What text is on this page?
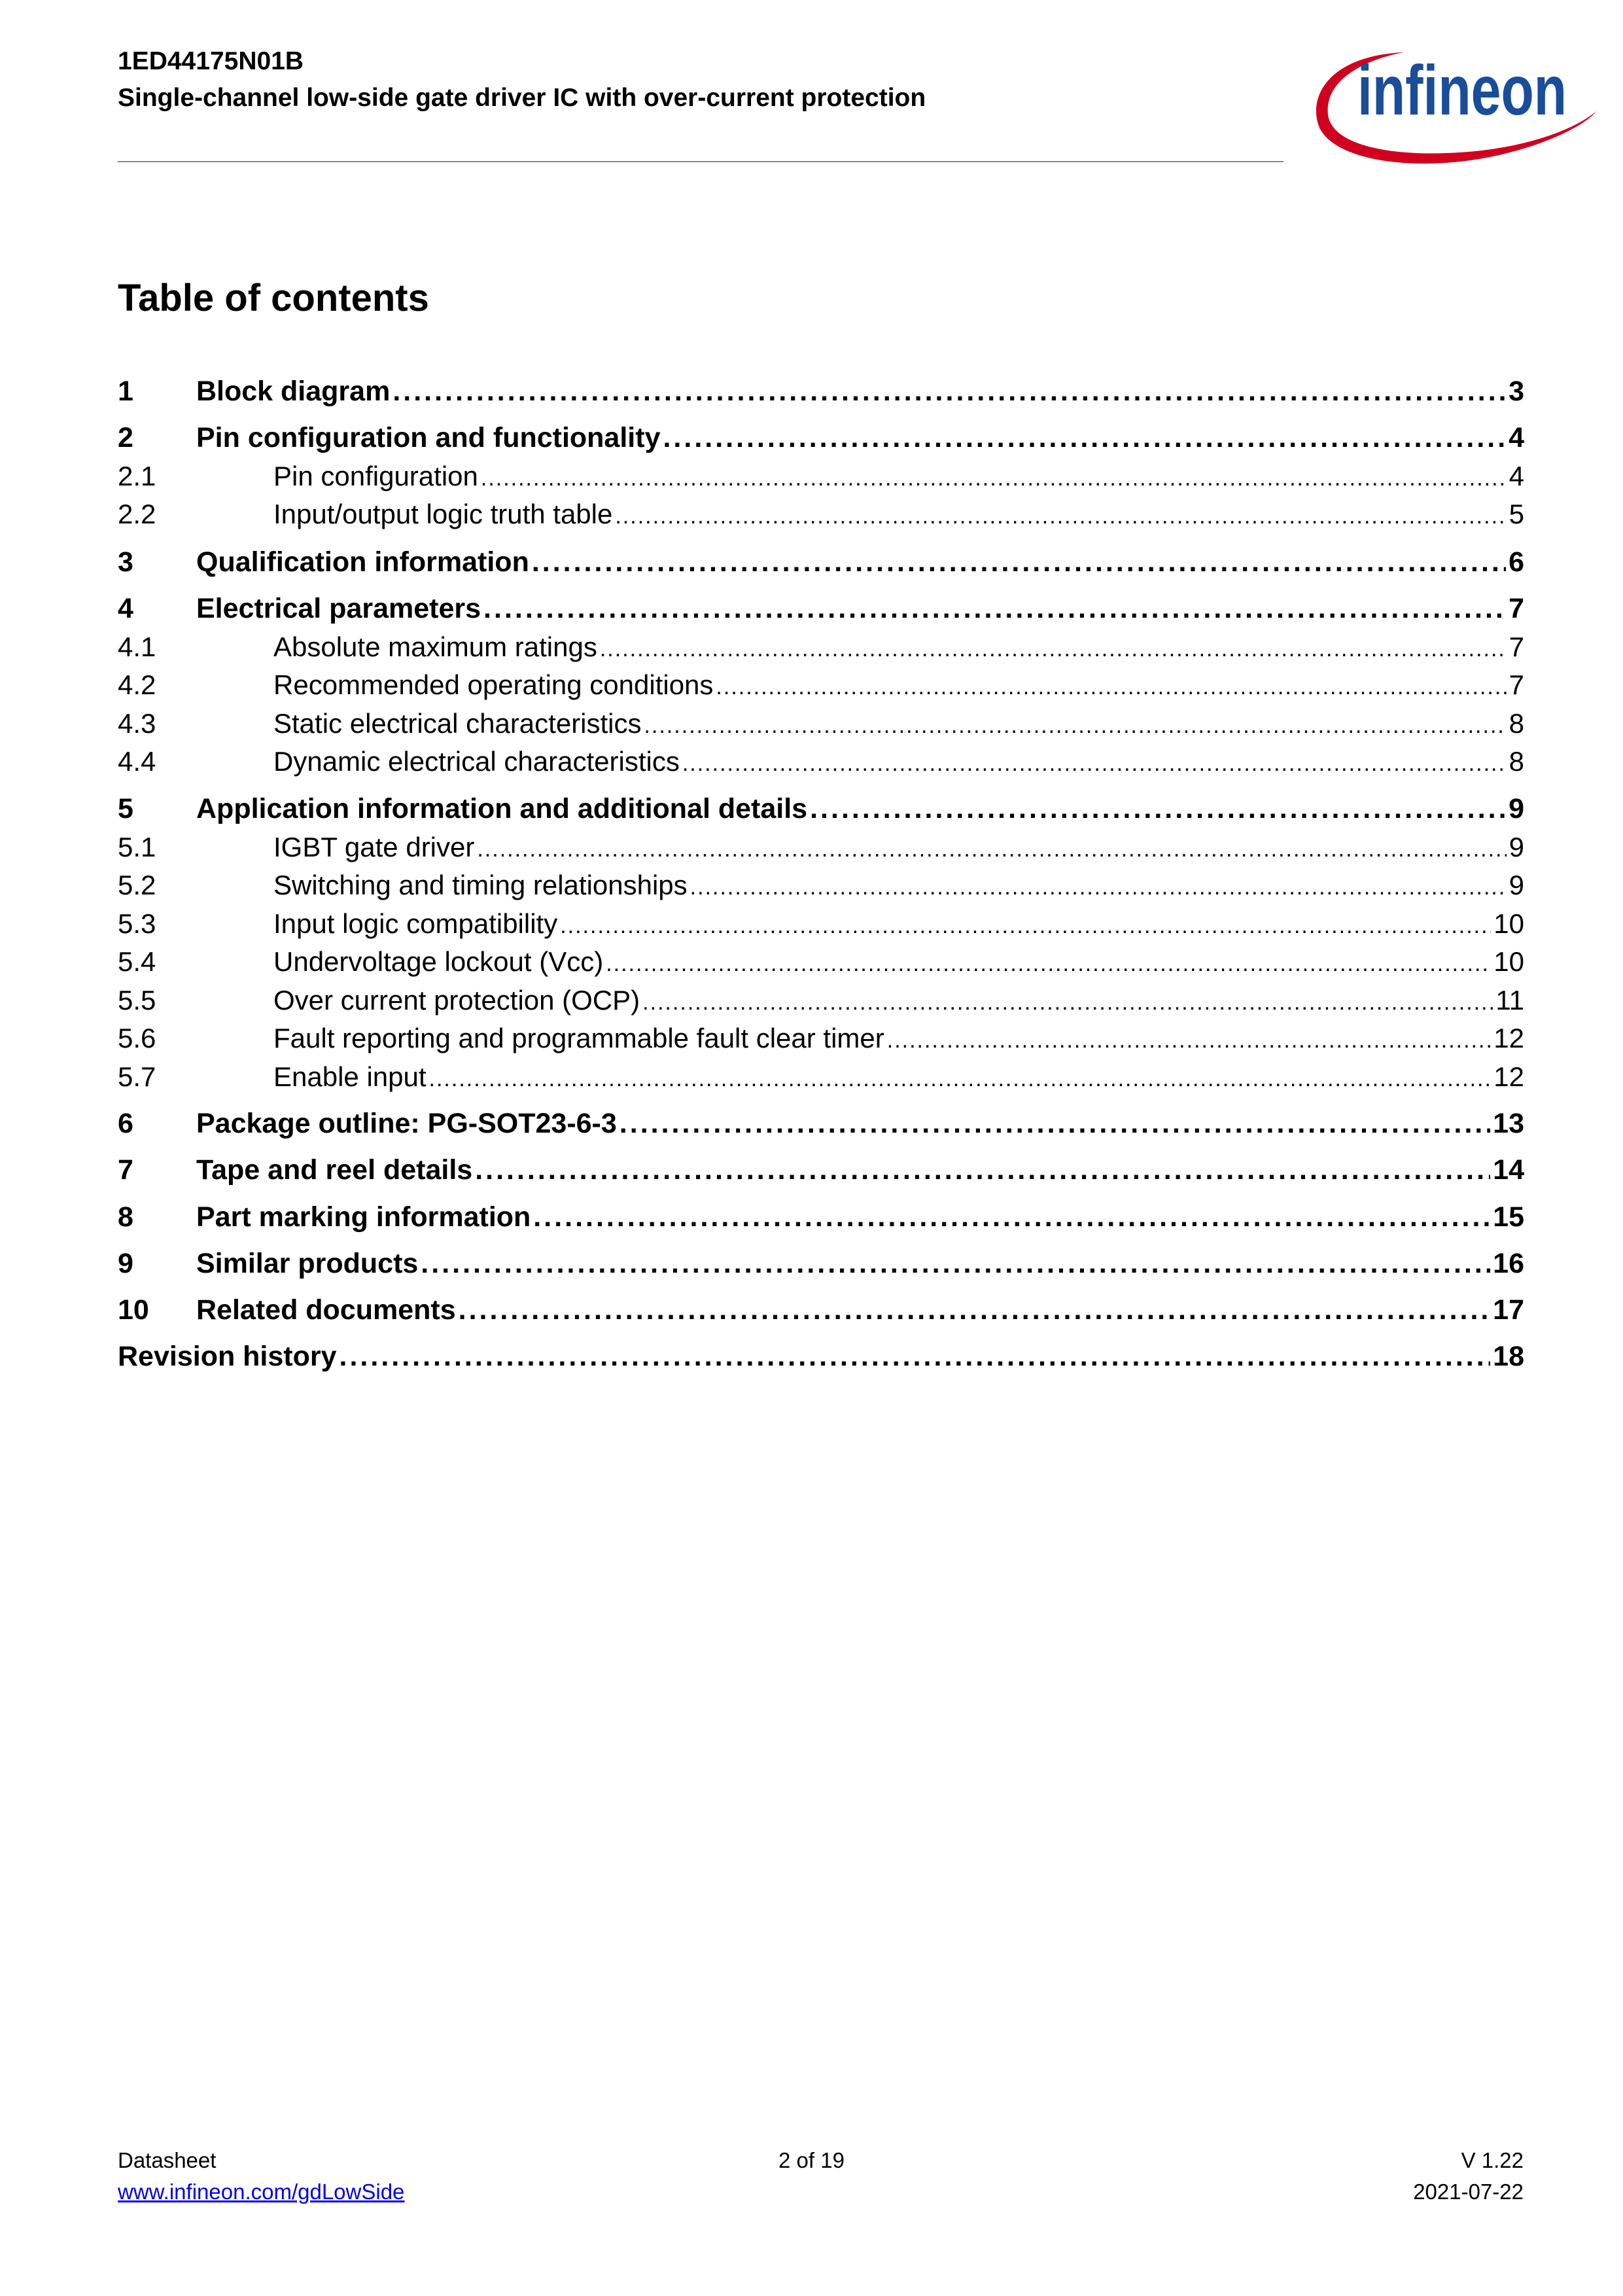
1ED44175N01B
Single-channel low-side gate driver IC with over-current protection	infineon
Table of contents
1	Block diagram .....	3
2	Pin configuration and functionality .....	4
2.1	Pin configuration .....	4
2.2	Input/output logic truth table .....	5
3	Qualification information .....	6
4	Electrical parameters .....	7
4.1	Absolute maximum ratings .....	7
4.2	Recommended operating conditions .....	7
4.3	Static electrical characteristics .....	8
4.4	Dynamic electrical characteristics .....	8
5	Application information and additional details .....	9
5.1	IGBT gate driver .....	9
5.2	Switching and timing relationships .....	9
5.3	Input logic compatibility .....	10
5.4	Undervoltage lockout (Vcc) .....	10
5.5	Over current protection (OCP) .....	11
5.6	Fault reporting and programmable fault clear timer .....	12
5.7	Enable input .....	12
6	Package outline: PG-SOT23-6-3 .....	13
7	Tape and reel details .....	14
8	Part marking information .....	15
9	Similar products .....	16
10	Related documents .....	17
Revision history .....	18
Datasheet
www.infineon.com/gdLowSide
2 of 19	V 1.22
2021-07-22
